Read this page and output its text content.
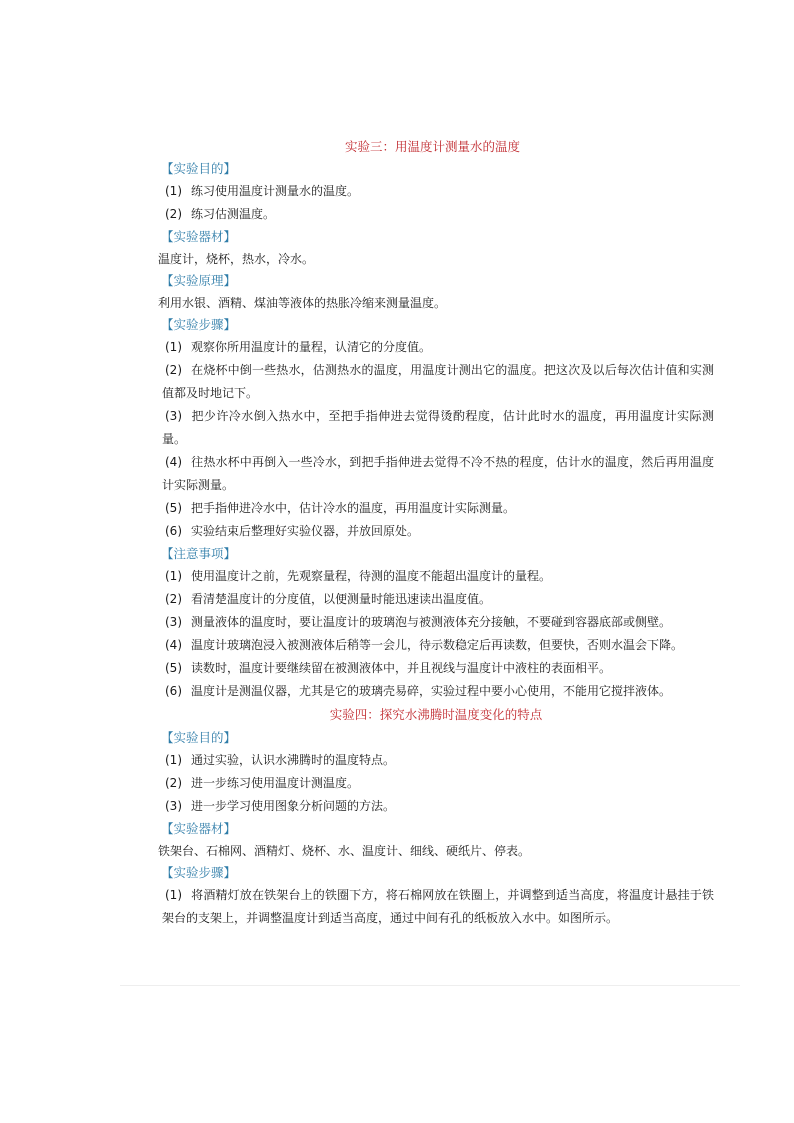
实验三：用温度计测量水的温度
【实验目的】
(1) 练习使用温度计测量水的温度。
(2) 练习估测温度。
【实验器材】
温度计，烧杯，热水，冷水。
【实验原理】
利用水银、酒精、煤油等液体的热胀冷缩来测量温度。
【实验步骤】
(1) 观察你所用温度计的量程，认清它的分度值。
(2) 在烧杯中倒一些热水，估测热水的温度，用温度计测出它的温度。把这次及以后每次估计值和实测值都及时地记下。
(3) 把少许冷水倒入热水中，至把手指伸进去觉得烫酌程度，估计此时水的温度，再用温度计实际测量。
(4) 往热水杯中再倒入一些冷水，到把手指伸进去觉得不冷不热的程度，估计水的温度，然后再用温度计实际测量。
(5) 把手指伸进冷水中，估计冷水的温度，再用温度计实际测量。
(6) 实验结束后整理好实验仪器，并放回原处。
【注意事项】
(1) 使用温度计之前，先观察量程，待测的温度不能超出温度计的量程。
(2) 看清楚温度计的分度值，以便测量时能迅速读出温度值。
(3) 测量液体的温度时，要让温度计的玻璃泡与被测液体充分接触，不要碰到容器底部或侧壁。
(4) 温度计玻璃泡浸入被测液体后稍等一会儿，待示数稳定后再读数，但要快，否则水温会下降。
(5) 读数时，温度计要继续留在被测液体中，并且视线与温度计中液柱的表面相平。
(6) 温度计是测温仪器，尤其是它的玻璃壳易碎，实验过程中要小心使用，不能用它搅拌液体。
实验四：探究水沸腾时温度变化的特点
【实验目的】
(1) 通过实验，认识水沸腾时的温度特点。
(2) 进一步练习使用温度计测温度。
(3) 进一步学习使用图象分析问题的方法。
【实验器材】
铁架台、石棉网、酒精灯、烧杯、水、温度计、细线、硬纸片、停表。
【实验步骤】
(1) 将酒精灯放在铁架台上的铁圈下方，将石棉网放在铁圈上，并调整到适当高度，将温度计悬挂于铁架台的支架上，并调整温度计到适当高度，通过中间有孔的纸板放入水中。如图所示。
